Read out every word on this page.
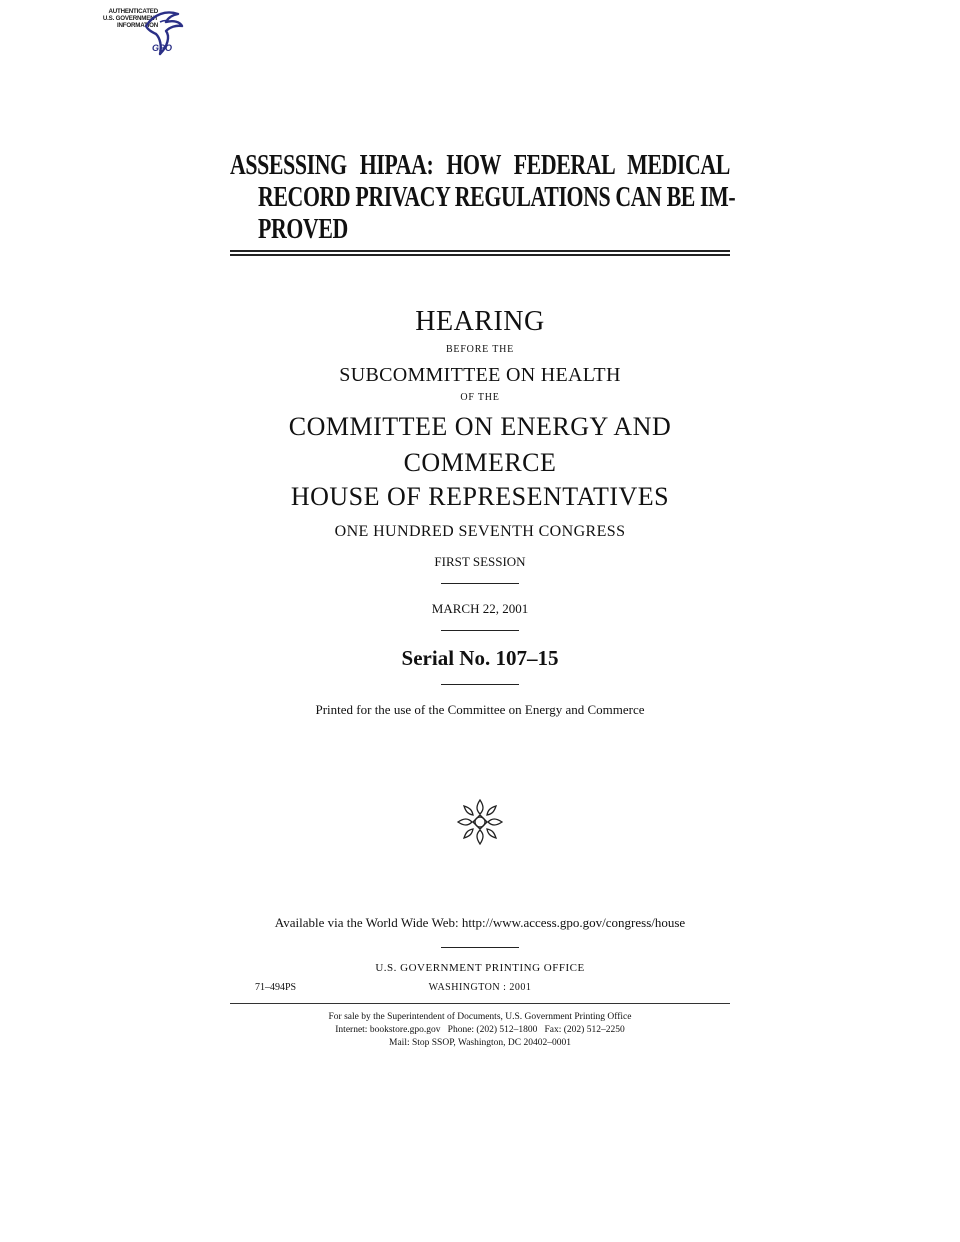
AUTHENTICATED
U.S. GOVERNMENT
INFORMATION
GPO
ASSESSING HIPAA: HOW FEDERAL MEDICAL
RECORD PRIVACY REGULATIONS CAN BE IM-
PROVED
HEARING
BEFORE THE
SUBCOMMITTEE ON HEALTH
OF THE
COMMITTEE ON ENERGY AND
COMMERCE
HOUSE OF REPRESENTATIVES
ONE HUNDRED SEVENTH CONGRESS
FIRST SESSION
MARCH 22, 2001
Serial No. 107–15
Printed for the use of the Committee on Energy and Commerce
Available via the World Wide Web: http://www.access.gpo.gov/congress/house
U.S. GOVERNMENT PRINTING OFFICE
71–494PS	WASHINGTON : 2001
For sale by the Superintendent of Documents, U.S. Government Printing Office
Internet: bookstore.gpo.gov   Phone: (202) 512–1800   Fax: (202) 512–2250
Mail: Stop SSOP, Washington, DC 20402–0001
